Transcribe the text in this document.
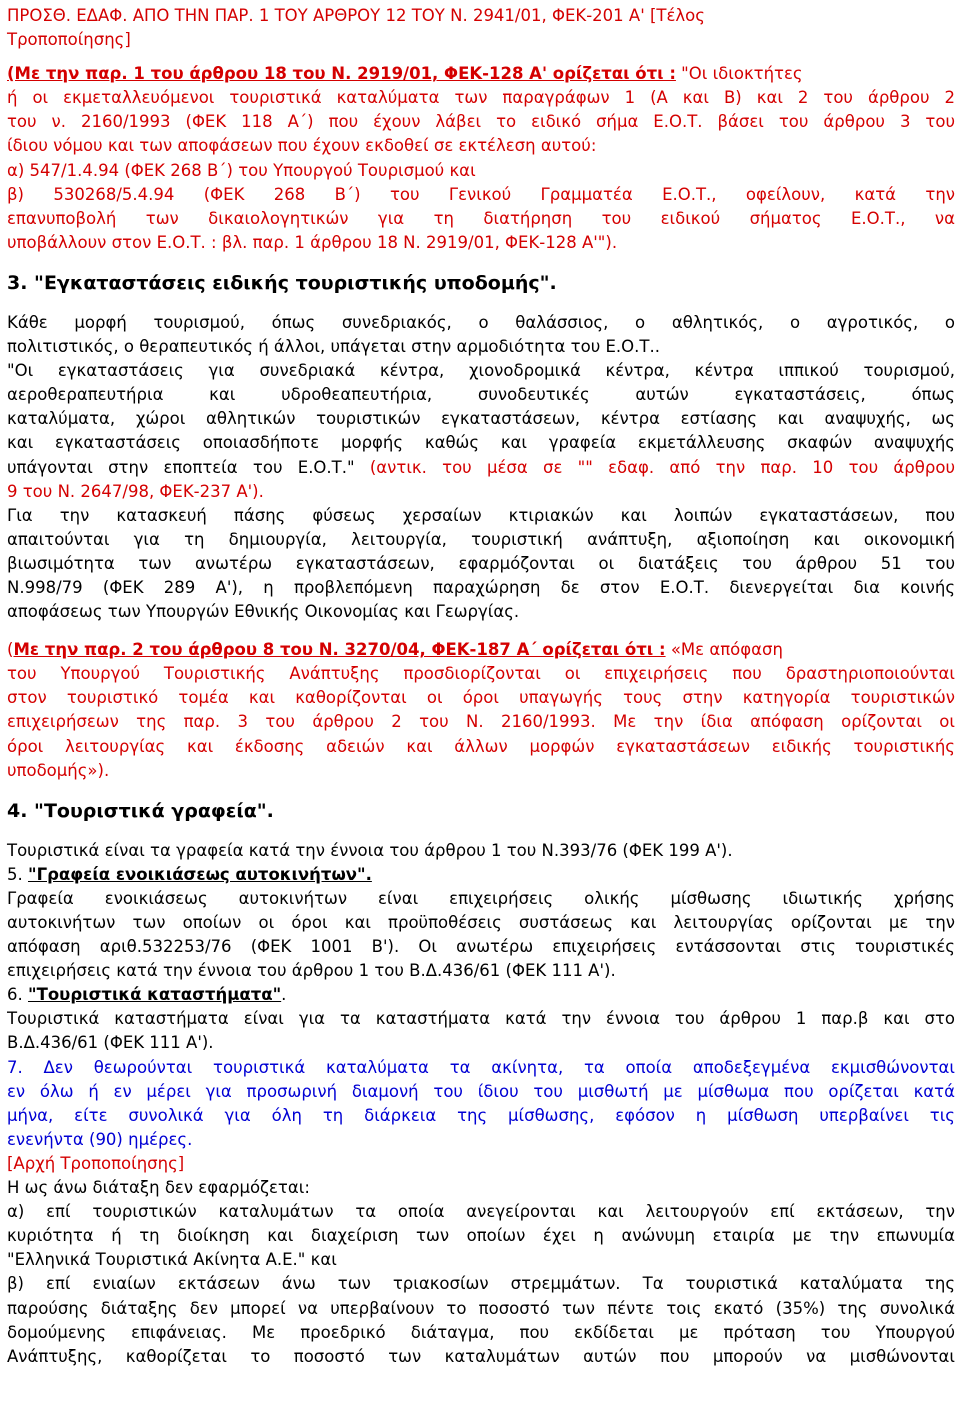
ΠΡΟΣΘ. ΕΔΑΦ. ΑΠΟ ΤΗΝ ΠΑΡ. 1 ΤΟΥ ΑΡΘΡΟΥ 12 ΤΟΥ Ν. 2941/01, ΦΕΚ-201 Α' [Τέλος
Τροποποίησης]
(Με την παρ. 1 του άρθρου 18 του Ν. 2919/01, ΦΕΚ-128 Α' ορίζεται ότι : "Οι ιδιοκτήτες
ή οι εκμεταλλευόμενοι τουριστικά καταλύματα των παραγράφων 1 (Α και Β) και 2 του άρθρου 2
του ν. 2160/1993 (ΦΕΚ 118 Α΄) που έχουν λάβει το ειδικό σήμα Ε.Ο.Τ. βάσει του άρθρου 3 του
ίδιου νόμου και των αποφάσεων που έχουν εκδοθεί σε εκτέλεση αυτού:
α) 547/1.4.94 (ΦΕΚ 268 Β΄) του Υπουργού Τουρισμού και
β) 530268/5.4.94 (ΦΕΚ 268 Β΄) του Γενικού Γραμματέα Ε.Ο.Τ., οφείλουν, κατά την
επανυποβολή των δικαιολογητικών για τη διατήρηση του ειδικού σήματος Ε.Ο.Τ., να
υποβάλλουν στον Ε.Ο.Τ. : βλ. παρ. 1 άρθρου 18 Ν. 2919/01, ΦΕΚ-128 Α'").
3. "Εγκαταστάσεις ειδικής τουριστικής υποδομής".
Κάθε μορφή τουρισμού, όπως συνεδριακός, ο θαλάσσιος, ο αθλητικός, ο αγροτικός, ο
πολιτιστικός, ο θεραπευτικός ή άλλοι, υπάγεται στην αρμοδιότητα του Ε.Ο.Τ..
"Οι εγκαταστάσεις για συνεδριακά κέντρα, χιονοδρομικά κέντρα, κέντρα ιππικού τουρισμού,
αεροθεραπευτήρια και υδροθεαπευτήρια, συνοδευτικές αυτών εγκαταστάσεις, όπως
καταλύματα, χώροι αθλητικών τουριστικών εγκαταστάσεων, κέντρα εστίασης και αναψυχής, ως
και εγκαταστάσεις οποιασδήποτε μορφής καθώς και γραφεία εκμετάλλευσης σκαφών αναψυχής
υπάγονται στην εποπτεία του Ε.Ο.Τ." (αντικ. του μέσα σε "" εδαφ. από την παρ. 10 του άρθρου
9 του Ν. 2647/98, ΦΕΚ-237 Α').
Για την κατασκευή πάσης φύσεως χερσαίων κτιριακών και λοιπών εγκαταστάσεων, που
απαιτούνται για τη δημιουργία, λειτουργία, τουριστική ανάπτυξη, αξιοποίηση και οικονομική
βιωσιμότητα των ανωτέρω εγκαταστάσεων, εφαρμόζονται οι διατάξεις του άρθρου 51 του
Ν.998/79 (ΦΕΚ 289 Α'), η προβλεπόμενη παραχώρηση δε στον Ε.Ο.Τ. διενεργείται δια κοινής
αποφάσεως των Υπουργών Εθνικής Οικονομίας και Γεωργίας.
(Με την παρ. 2 του άρθρου 8 του Ν. 3270/04, ΦΕΚ-187 Α΄ ορίζεται ότι : «Με απόφαση
του Υπουργού Τουριστικής Ανάπτυξης προσδιορίζονται οι επιχειρήσεις που δραστηριοποιούνται
στον τουριστικό τομέα και καθορίζονται οι όροι υπαγωγής τους στην κατηγορία τουριστικών
επιχειρήσεων της παρ. 3 του άρθρου 2 του Ν. 2160/1993. Με την ίδια απόφαση ορίζονται οι
όροι λειτουργίας και έκδοσης αδειών και άλλων μορφών εγκαταστάσεων ειδικής τουριστικής
υποδομής»).
4. "Τουριστικά γραφεία".
Τουριστικά είναι τα γραφεία κατά την έννοια του άρθρου 1 του Ν.393/76 (ΦΕΚ 199 Α').
5. "Γραφεία ενοικιάσεως αυτοκινήτων".
Γραφεία ενοικιάσεως αυτοκινήτων είναι επιχειρήσεις ολικής μίσθωσης ιδιωτικής χρήσης
αυτοκινήτων των οποίων οι όροι και προϋποθέσεις συστάσεως και λειτουργίας ορίζονται με την
απόφαση αριθ.532253/76 (ΦΕΚ 1001 Β'). Οι ανωτέρω επιχειρήσεις εντάσσονται στις τουριστικές
επιχειρήσεις κατά την έννοια του άρθρου 1 του Β.Δ.436/61 (ΦΕΚ 111 Α').
6. "Τουριστικά καταστήματα".
Τουριστικά καταστήματα είναι για τα καταστήματα κατά την έννοια του άρθρου 1 παρ.β και στο
Β.Δ.436/61 (ΦΕΚ 111 Α').
7. Δεν θεωρούνται τουριστικά καταλύματα τα ακίνητα, τα οποία αποδεξεγμένα εκμισθώνονται
εν όλω ή εν μέρει για προσωρινή διαμονή του ίδιου του μισθωτή με μίσθωμα που ορίζεται κατά
μήνα, είτε συνολικά για όλη τη διάρκεια της μίσθωσης, εφόσον η μίσθωση υπερβαίνει τις
ενενήντα (90) ημέρες.
[Αρχή Τροποποίησης]
Η ως άνω διάταξη δεν εφαρμόζεται:
α) επί τουριστικών καταλυμάτων τα οποία ανεγείρονται και λειτουργούν επί εκτάσεων, την
κυριότητα ή τη διοίκηση και διαχείριση των οποίων έχει η ανώνυμη εταιρία με την επωνυμία
"Ελληνικά Τουριστικά Ακίνητα Α.Ε." και
β) επί ενιαίων εκτάσεων άνω των τριακοσίων στρεμμάτων. Τα τουριστικά καταλύματα της
παρούσης διάταξης δεν μπορεί να υπερβαίνουν το ποσοστό των πέντε τοις εκατό (35%) της συνολικά
δομούμενης επιφάνειας. Με προεδρικό διάταγμα, που εκδίδεται με πρόταση του Υπουργού
Ανάπτυξης, καθορίζεται το ποσοστό των καταλυμάτων αυτών που μπορούν να μισθώνονται
